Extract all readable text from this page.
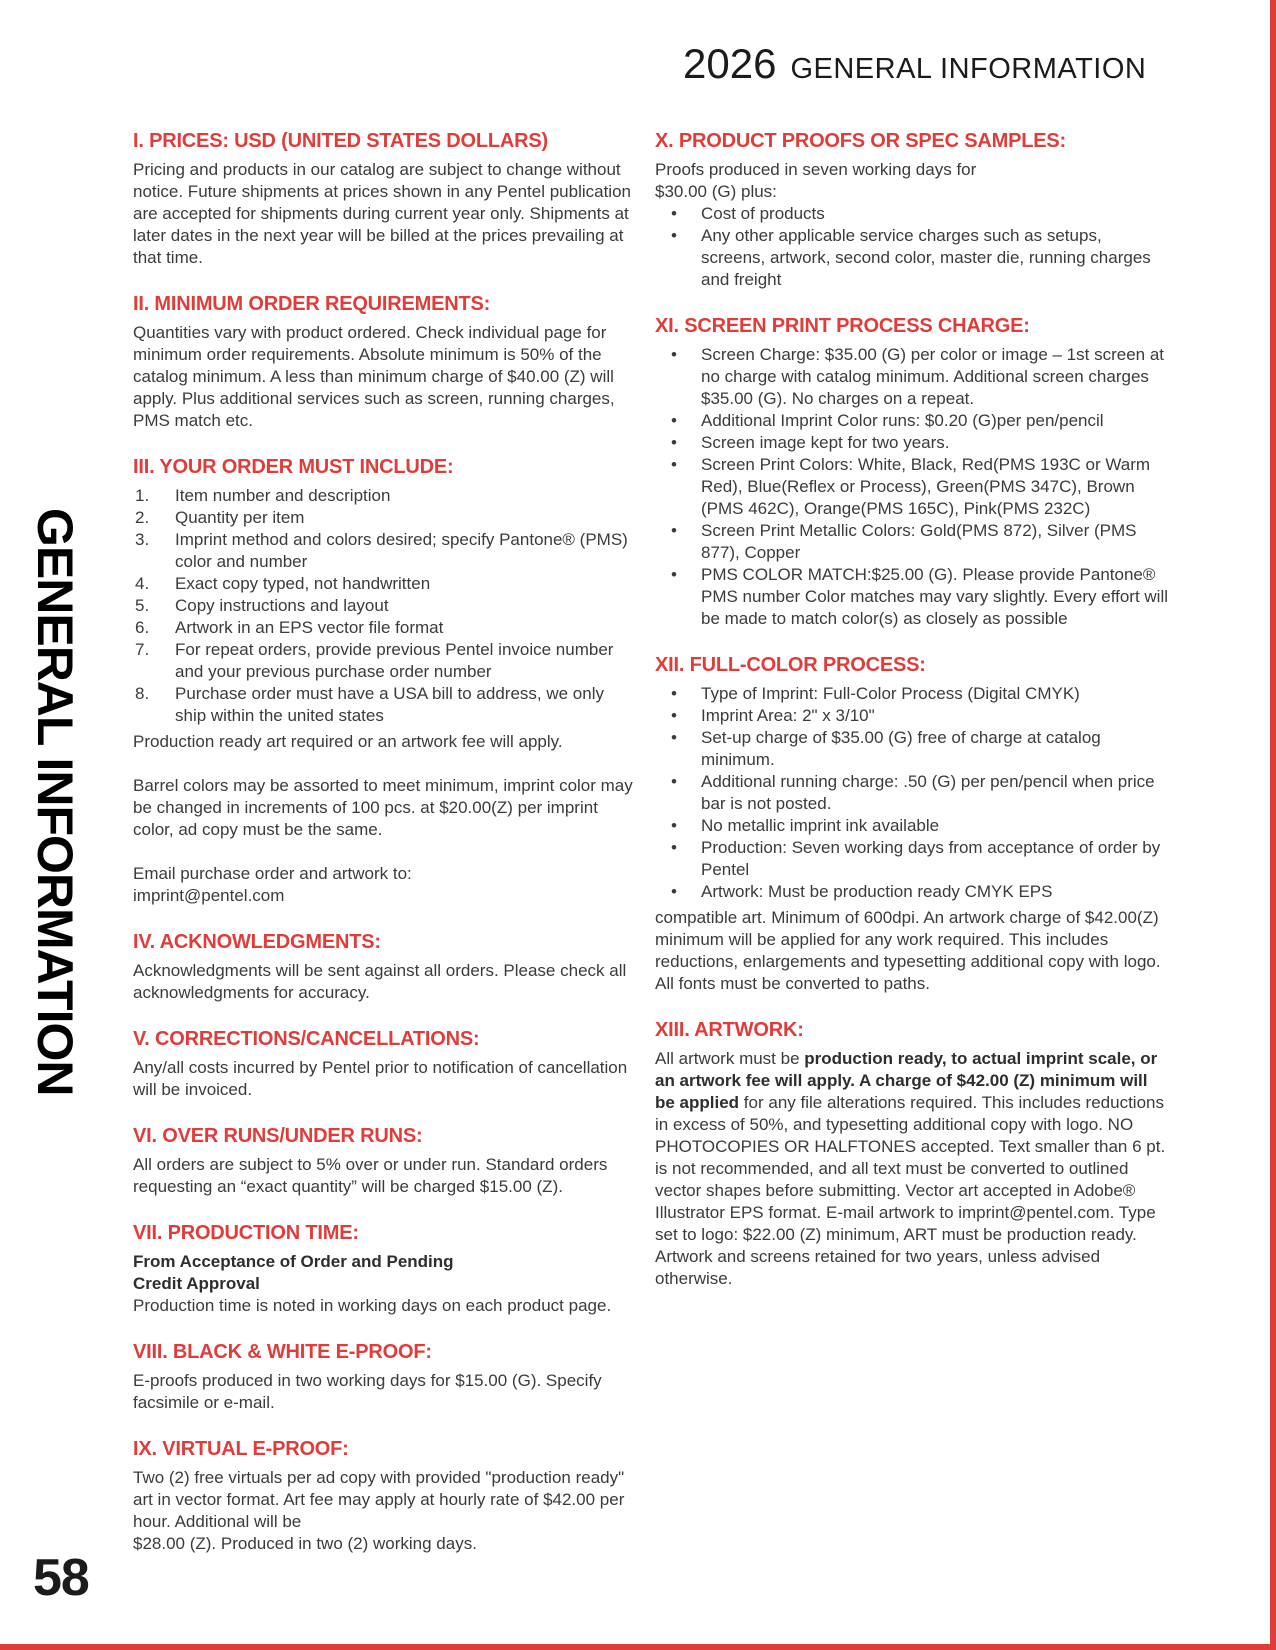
2026 GENERAL INFORMATION
GENERAL INFORMATION
I. PRICES: USD (UNITED STATES DOLLARS)

Pricing and products in our catalog are subject to change without notice. Future shipments at prices shown in any Pentel publication are accepted for shipments during current year only. Shipments at later dates in the next year will be billed at the prices prevailing at that time.

II. MINIMUM ORDER REQUIREMENTS:

Quantities vary with product ordered. Check individual page for minimum order requirements. Absolute minimum is 50% of the catalog minimum. A less than minimum charge of $40.00 (Z) will apply. Plus additional services such as screen, running charges, PMS match etc.

III. YOUR ORDER MUST INCLUDE:
Item number and description
Quantity per item
Imprint method and colors desired; specify Pantone® (PMS) color and number
Exact copy typed, not handwritten
Copy instructions and layout
Artwork in an EPS vector file format
For repeat orders, provide previous Pentel invoice number and your previous purchase order number
Purchase order must have a USA bill to address, we only ship within the united states

Production ready art required or an artwork fee will apply.

Barrel colors may be assorted to meet minimum, imprint color may be changed in increments of 100 pcs. at $20.00(Z) per imprint color, ad copy must be the same.

Email purchase order and artwork to:
imprint@pentel.com

IV. ACKNOWLEDGMENTS:

Acknowledgments will be sent against all orders. Please check all acknowledgments for accuracy.

V. CORRECTIONS/CANCELLATIONS:

Any/all costs incurred by Pentel prior to notification of cancellation will be invoiced.

VI. OVER RUNS/UNDER RUNS:

All orders are subject to 5% over or under run. Standard orders requesting an “exact quantity” will be charged $15.00 (Z).

VII. PRODUCTION TIME:

From Acceptance of Order and Pending
Credit Approval

Production time is noted in working days on each product page.

VIII. BLACK & WHITE E-PROOF:

E-proofs produced in two working days for $15.00 (G). Specify facsimile or e-mail.

IX. VIRTUAL E-PROOF:

Two (2) free virtuals per ad copy with provided "production ready" art in vector format. Art fee may apply at hourly rate of $42.00 per hour. Additional will be
$28.00 (Z). Produced in two (2) working days.

X. PRODUCT PROOFS OR SPEC SAMPLES:

Proofs produced in seven working days for
$30.00 (G) plus:

• Cost of products
• Any other applicable service charges such as setups, screens, artwork, second color, master die, running charges and freight
XI. SCREEN PRINT PROCESS CHARGE:
• Screen Charge: $35.00 (G) per color or image – 1st screen at no charge with catalog minimum. Additional screen charges $35.00 (G). No charges on a repeat.
• Additional Imprint Color runs: $0.20 (G)per pen/pencil
• Screen image kept for two years.
• Screen Print Colors: White, Black, Red(PMS 193C or Warm Red), Blue(Reflex or Process), Green(PMS 347C), Brown (PMS 462C), Orange(PMS 165C), Pink(PMS 232C)
• Screen Print Metallic Colors: Gold(PMS 872), Silver (PMS 877), Copper
• PMS COLOR MATCH:$25.00 (G). Please provide Pantone® PMS number Color matches may vary slightly. Every effort will be made to match color(s) as closely as possible
XII. FULL-COLOR PROCESS:
• Type of Imprint: Full-Color Process (Digital CMYK)
• Imprint Area: 2" x 3/10"
• Set-up charge of $35.00 (G) free of charge at catalog minimum.
• Additional running charge: .50 (G) per pen/pencil when price bar is not posted.
• No metallic imprint ink available
• Production: Seven working days from acceptance of order by Pentel
• Artwork: Must be production ready CMYK EPS

compatible art. Minimum of 600dpi. An artwork charge of $42.00(Z) minimum will be applied for any work required. This includes reductions, enlargements and typesetting additional copy with logo. All fonts must be converted to paths.

XIII. ARTWORK:

All artwork must be production ready, to actual imprint scale, or an artwork fee will apply. A charge of $42.00 (Z) minimum will be applied for any file alterations required. This includes reductions in excess of 50%, and typesetting additional copy with logo. NO PHOTOCOPIES OR HALFTONES accepted. Text smaller than 6 pt. is not recommended, and all text must be converted to outlined vector shapes before submitting. Vector art accepted in Adobe® Illustrator EPS format. E-mail artwork to imprint@pentel.com. Type set to logo: $22.00 (Z) minimum, ART must be production ready. Artwork and screens retained for two years, unless advised otherwise.

58
